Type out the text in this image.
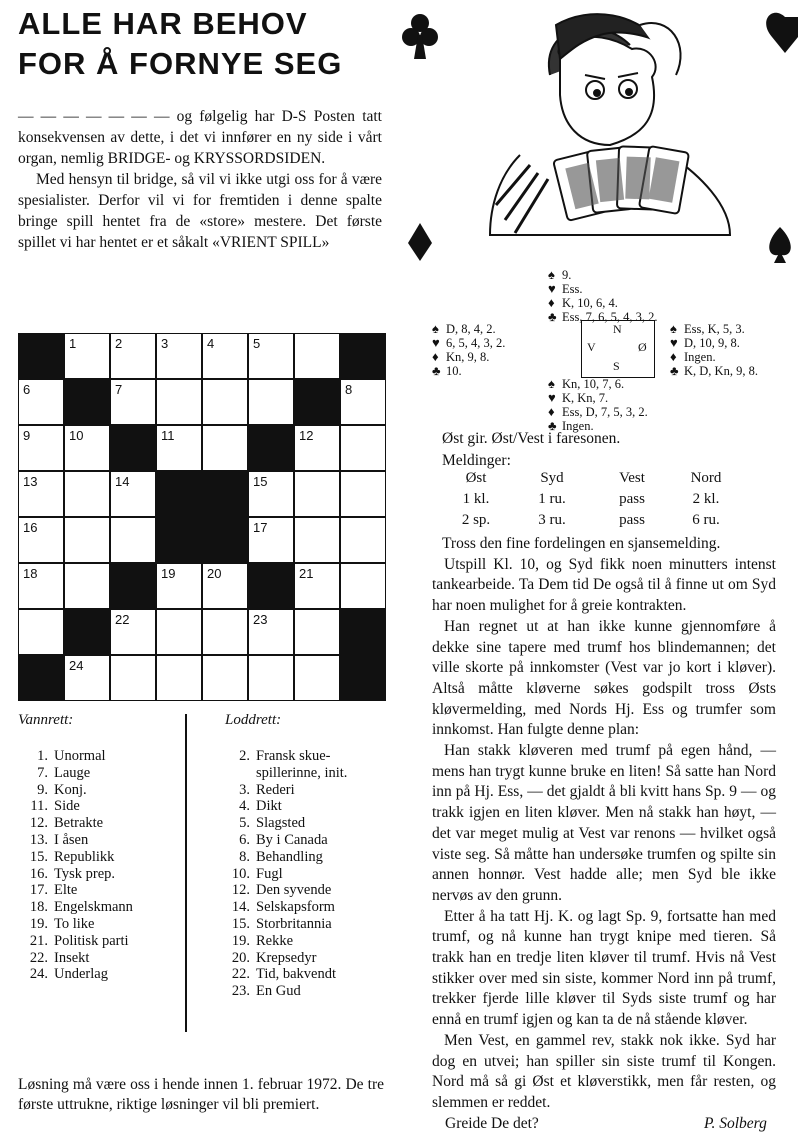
ALLE HAR BEHOV
FOR Å FORNYE SEG

— — — — — — — og følgelig har D-S Posten tatt konsekvensen av dette, i det vi innfører en ny side i vårt organ, nemlig BRIDGE- og KRYSSORDSIDEN.

Med hensyn til bridge, så vil vi ikke utgi oss for å være spesialister. Derfor vil vi for fremtiden i denne spalte bringe spill hentet fra de «store» mestere. Det første spillet vi har hentet er et såkalt «VRIENT SPILL»

1	2	3	4	5
6	7	8
9	10	11	12
13	14	15
16	17
18	19 20	21
22	23
24
Vannrett:	Loddrett:
1. Unormal
7. Lauge
9. Konj.
11. Side
12. Betrakte
13. I åsen
15. Republikk
16. Tysk prep.
17. Elte
18. Engelskmann
19. To like
21. Politisk parti
22. Insekt
24. Underlag
2. Fransk skue-spillerinne, init.
3. Rederi
4. Dikt
5. Slagsted
6. By i Canada
8. Behandling
10. Fugl
12. Den syvende
14. Selskapsform
15. Storbritannia
19. Rekke
20. Krepsedyr
22. Tid, bakvendt
23. En Gud
Løsning må være oss i hende innen 1. februar 1972. De tre første uttrukne, riktige løsninger vil bli premiert.
♠ 9.
♥ Ess.
♦ K, 10, 6, 4.
♣ Ess, 7, 6, 5, 4, 3, 2.
♠ D, 8, 4, 2.
♥ 6, 5, 4, 3, 2.
♦ Kn, 9, 8.
♣ 10.
♠ Ess, K, 5, 3.
♥ D, 10, 9, 8.
♦ Ingen.
♣ K, D, Kn, 9, 8.
♠ Kn, 10, 7, 6.
♥ K, Kn, 7.
♦ Ess, D, 7, 5, 3, 2.
♣ Ingen.
N
S
V	Ø
Øst gir. Øst/Vest i faresonen.
Meldinger:
Øst	Syd	Vest	Nord
1 kl.	1 ru.	pass	2 kl.
2 sp.	3 ru.	pass	6 ru.

Tross den fine fordelingen en sjansemelding.

Utspill Kl. 10, og Syd fikk noen minutters intenst tankearbeide. Ta Dem tid De også til å finne ut om Syd har noen mulighet for å greie kontrakten.

Han regnet ut at han ikke kunne gjennomføre å dekke sine tapere med trumf hos blindemannen; det ville skorte på innkomster (Vest var jo kort i kløver). Altså måtte kløverne søkes godspilt tross Østs kløvermelding, med Nords Hj. Ess og trumfer som innkomst. Han fulgte denne plan:

Han stakk kløveren med trumf på egen hånd, — mens han trygt kunne bruke en liten! Så satte han Nord inn på Hj. Ess, — det gjaldt å bli kvitt hans Sp. 9 — og trakk igjen en liten kløver. Men nå stakk han høyt, — det var meget mulig at Vest var renons — hvilket også viste seg. Så måtte han undersøke trumfen og spilte sin annen honnør. Vest hadde alle; men Syd ble ikke nervøs av den grunn.

Etter å ha tatt Hj. K. og lagt Sp. 9, fortsatte han med trumf, og nå kunne han trygt knipe med tieren. Så trakk han en tredje liten kløver til trumf. Hvis nå Vest stikker over med sin siste, kommer Nord inn på trumf, trekker fjerde lille kløver til Syds siste trumf og har ennå en trumf igjen og kan ta de nå stående kløver.

Men Vest, en gammel rev, stakk nok ikke. Syd har dog en utvei; han spiller sin siste trumf til Kongen. Nord må så gi Øst et kløverstikk, men får resten, og slemmen er reddet.

Greide De det?	P. Solberg
